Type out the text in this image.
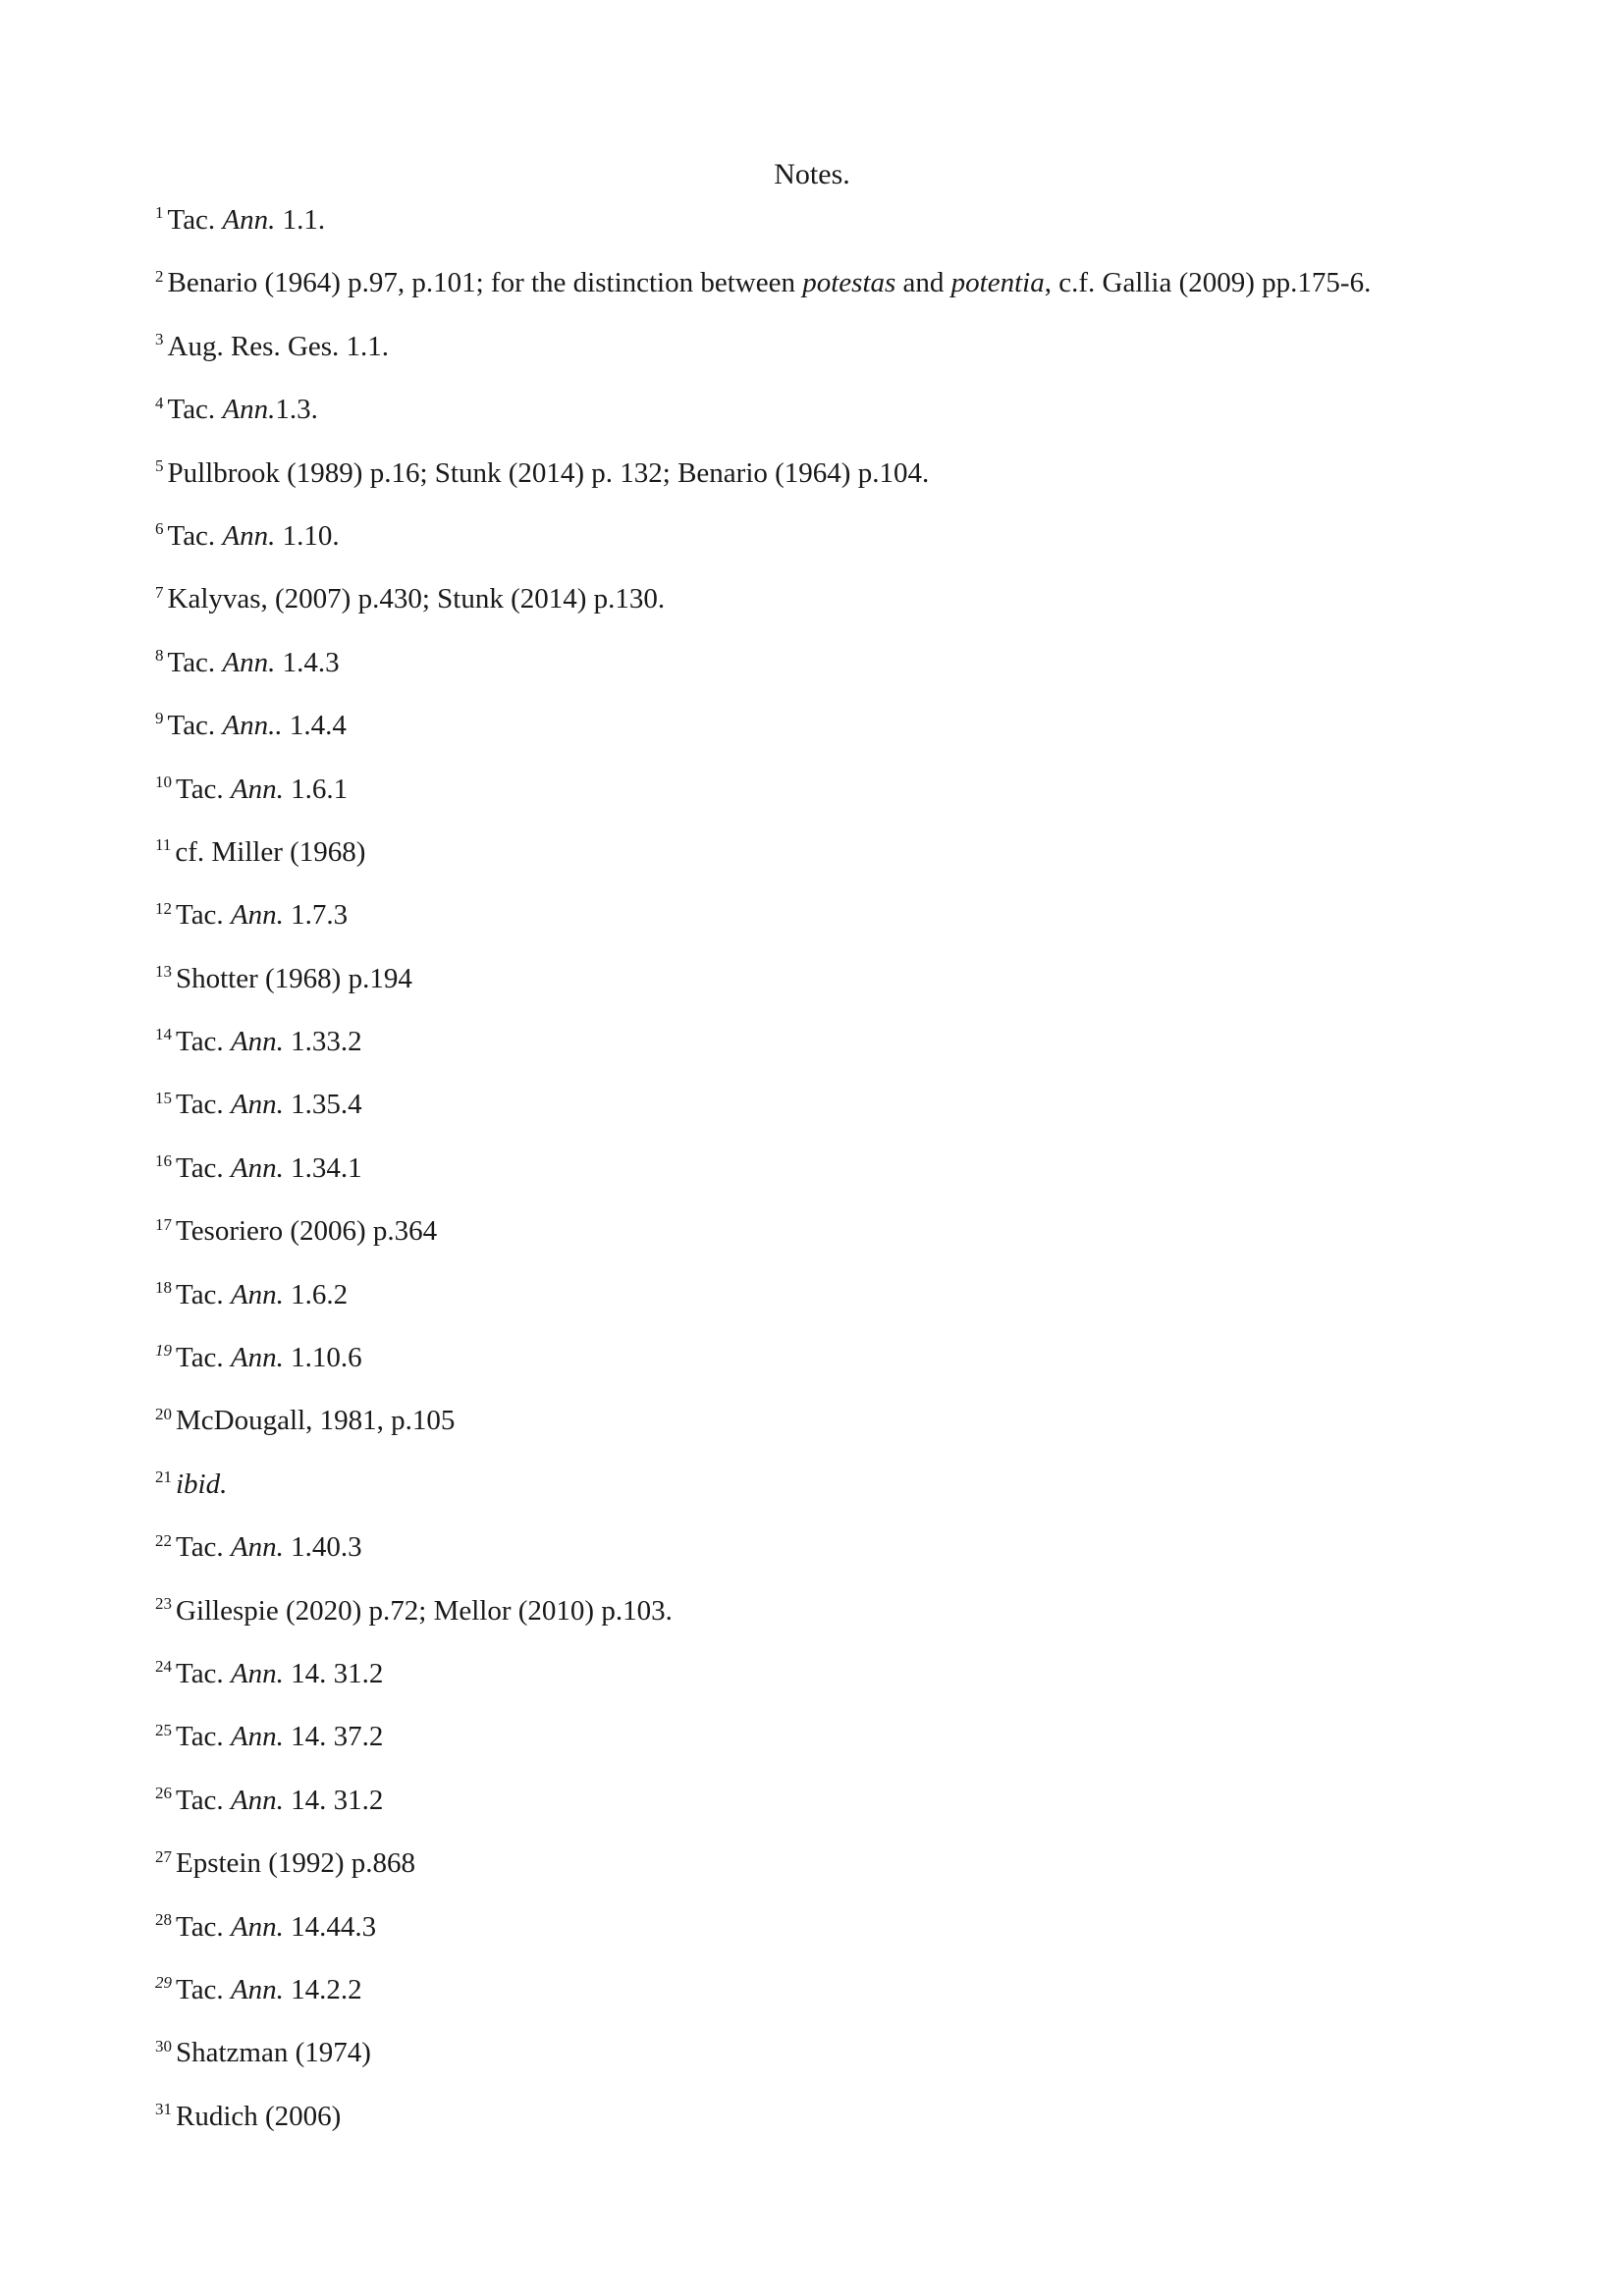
Notes.
$^1$ Tac. Ann. 1.1.
$^2$ Benario (1964) p.97, p.101; for the distinction between potestas and potentia, c.f. Gallia (2009) pp.175-6.
$^3$ Aug. Res. Ges. 1.1.
$^4$ Tac. Ann.1.3.
$^5$ Pullbrook (1989) p.16; Stunk (2014) p. 132; Benario (1964) p.104.
$^6$ Tac. Ann. 1.10.
$^7$ Kalyvas, (2007) p.430; Stunk (2014) p.130.
$^8$ Tac. Ann. 1.4.3
$^9$ Tac. Ann.. 1.4.4
$^{10}$ Tac. Ann. 1.6.1
$^{11}$ cf. Miller (1968)
$^{12}$ Tac. Ann. 1.7.3
$^{13}$ Shotter (1968) p.194
$^{14}$ Tac. Ann. 1.33.2
$^{15}$ Tac. Ann. 1.35.4
$^{16}$ Tac. Ann. 1.34.1
$^{17}$ Tesoriero (2006) p.364
$^{18}$ Tac. Ann. 1.6.2
$^{19}$ Tac. Ann. 1.10.6
$^{20}$ McDougall, 1981, p.105
$^{21}$ ibid.
$^{22}$ Tac. Ann. 1.40.3
$^{23}$ Gillespie (2020) p.72; Mellor (2010) p.103.
$^{24}$ Tac. Ann. 14. 31.2
$^{25}$ Tac. Ann. 14. 37.2
$^{26}$ Tac. Ann. 14. 31.2
$^{27}$ Epstein (1992) p.868
$^{28}$ Tac. Ann. 14.44.3
$^{29}$ Tac. Ann. 14.2.2
$^{30}$ Shatzman (1974)
$^{31}$ Rudich (2006)
